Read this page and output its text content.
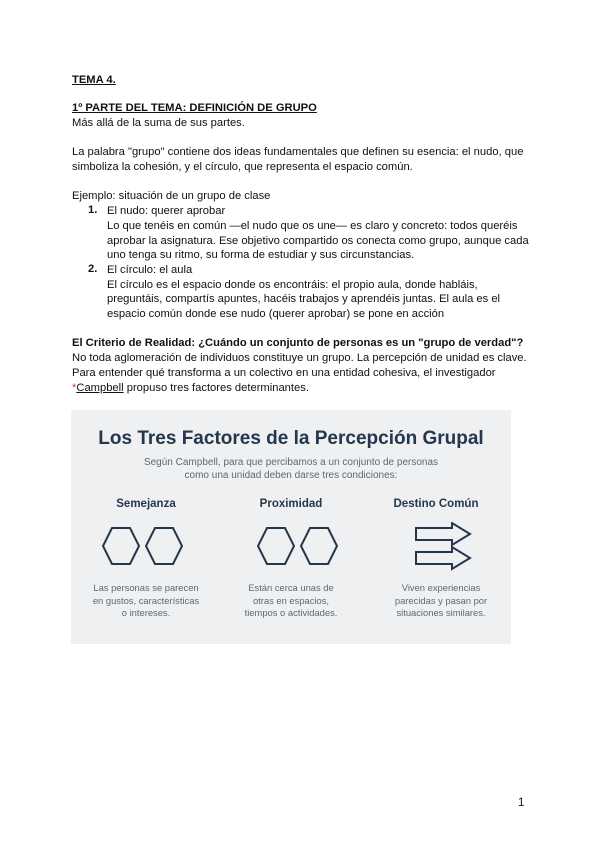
TEMA 4.
1º PARTE DEL TEMA: DEFINICIÓN DE GRUPO
Más allá de la suma de sus partes.
La palabra "grupo" contiene dos ideas fundamentales que definen su esencia: el nudo, que
simboliza la cohesión, y el círculo, que representa el espacio común.
Ejemplo: situación de un grupo de clase
1. El nudo: querer aprobar
Lo que tenéis en común —el nudo que os une— es claro y concreto: todos queréis
aprobar la asignatura. Ese objetivo compartido os conecta como grupo, aunque cada
uno tenga su ritmo, su forma de estudiar y sus circunstancias.
2. El círculo: el aula
El círculo es el espacio donde os encontráis: el propio aula, donde habláis,
preguntáis, compartís apuntes, hacéis trabajos y aprendéis juntas. El aula es el
espacio común donde ese nudo (querer aprobar) se pone en acción
El Criterio de Realidad: ¿Cuándo un conjunto de personas es un "grupo de verdad"?
No toda aglomeración de individuos constituye un grupo. La percepción de unidad es clave.
Para entender qué transforma a un colectivo en una entidad cohesiva, el investigador
*Campbell propuso tres factores determinantes.
Los Tres Factores de la Percepción Grupal
Según Campbell, para que percibamos a un conjunto de personas
como una unidad deben darse tres condiciones:
Semejanza	Proximidad	Destino Común
Las personas se parecen
en gustos, características
o intereses.
Están cerca unas de
otras en espacios,
tiempos o actividades.
Viven experiencias
parecidas y pasan por
situaciones similares.
1
